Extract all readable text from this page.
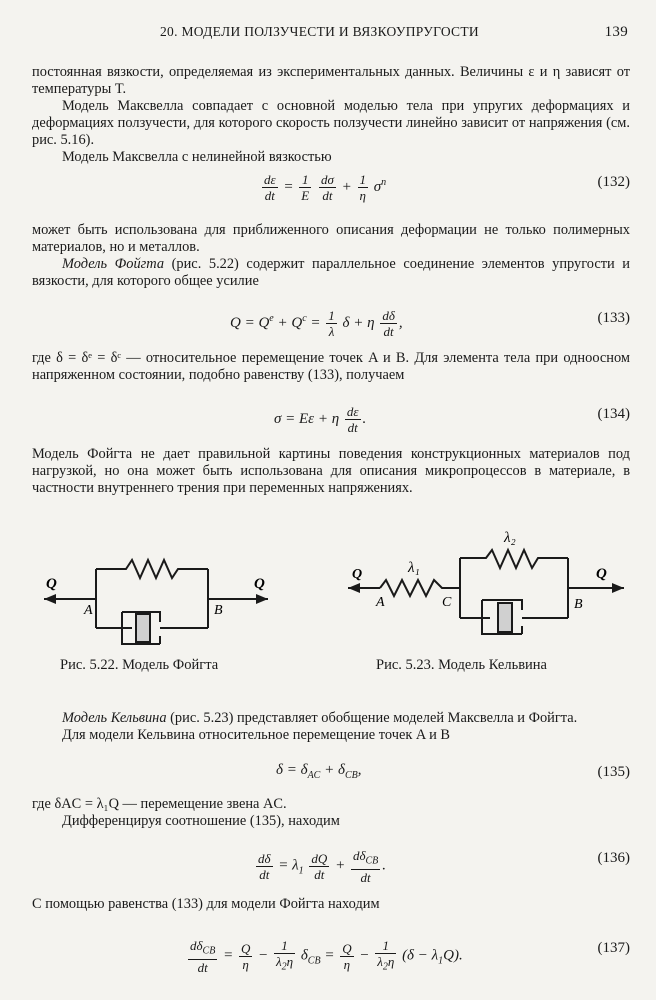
20. МОДЕЛИ ПОЛЗУЧЕСТИ И ВЯЗКОУПРУГОСТИ	139

постоянная вязкости, определяемая из экспериментальных данных. Величины ε и η зависят от температуры T.

Модель Максвелла совпадает с основной моделью тела при упругих деформациях и деформациях ползучести, для которого скорость ползучести линейно зависит от напряжения (см. рис. 5.16).

Модель Максвелла с нелинейной вязкостью

$\frac{d\varepsilon}{dt} = \frac{1}{E}$
$\frac{d\sigma}{dt} + \frac{1}{\eta} \sigma^n$	(132)

может быть использована для приближенного описания деформации не только полимерных материалов, но и металлов.

Модель Фойгта (рис. 5.22) содержит параллельное соединение элементов упругости и вязкости, для которого общее усилие

$Q = Q^e + Q^c = \frac{1}{\lambda}$ δ + η $\frac{d\delta}{dt}$ ,	(133)

где δ = δᵉ = δᶜ — относительное перемещение точек A и B. Для элемента тела при одноосном напряженном состоянии, подобно равенству (133), получаем

σ = Eε + η $\frac{d\varepsilon}{dt}$ .	(134)

Модель Фойгта не дает правильной картины поведения конструкционных материалов под нагрузкой, но она может быть использована для описания микропроцессов в материале, в частности внутреннего трения при переменных напряжениях.

Q	Q
A	B
Рис. 5.22. Модель Фойгта
Q	Q
A	C	B
λ₁
λ₂
Рис. 5.23. Модель Кельвина

Модель Кельвина (рис. 5.23) представляет обобщение моделей Максвелла и Фойгта.

Для модели Кельвина относительное перемещение точек A и B

$\delta = \delta_{AC} + \delta_{CB}$,	(135)

где δAC = λ₁Q — перемещение звена AC.

Дифференцируя соотношение (135), находим

$\frac{d\delta}{dt} = \lambda_1 \frac{dQ}{dt} + \frac{d\delta_{CB}}{dt}$ .	(136)

С помощью равенства (133) для модели Фойгта находим

$\frac{d\delta_{CB}}{dt} = \frac{Q}{\eta} - \frac{1}{\lambda_2\eta} \delta_{CB} = \frac{Q}{\eta} - \frac{1}{\lambda_2\eta} (\delta - \lambda_1Q)$.	(137)
